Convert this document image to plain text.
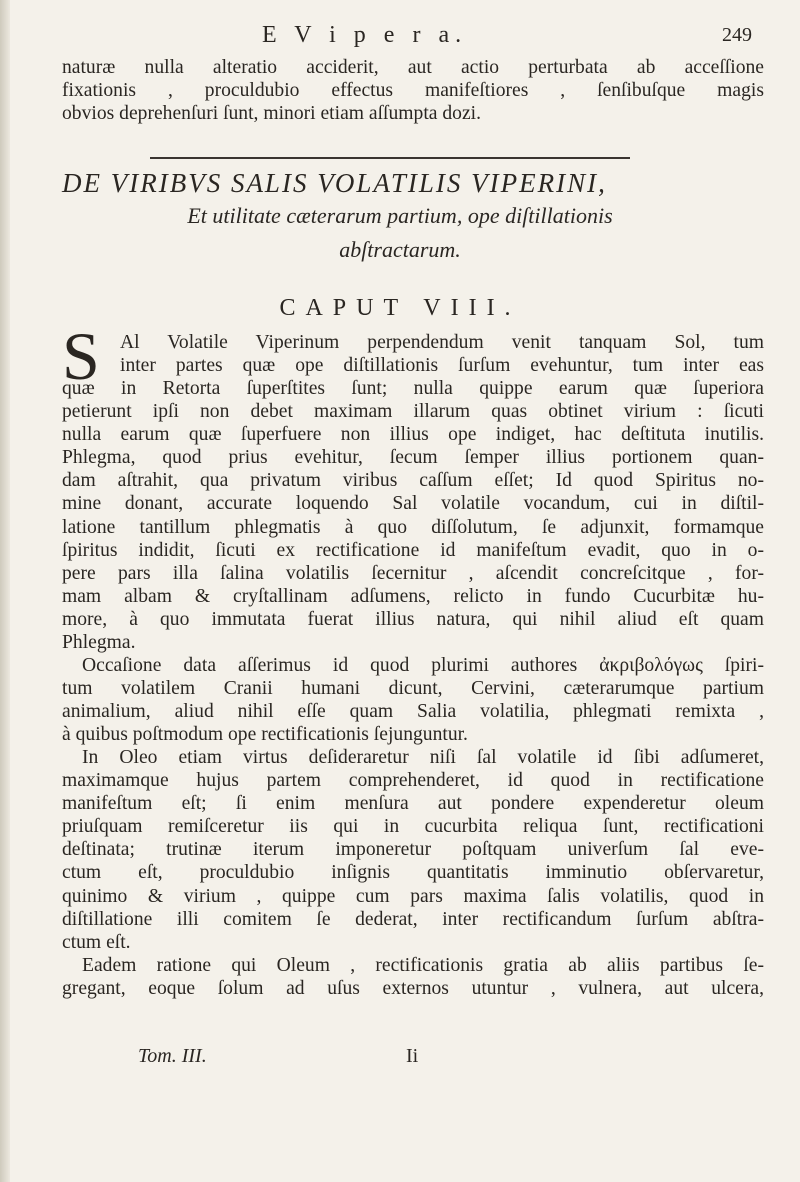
E V i p e r a.	249
naturæ nulla alteratio acciderit, aut actio perturbata ab acceſſione
fixationis , proculdubio effectus manifeſtiores , ſenſibuſque magis
obvios deprehenſuri ſunt, minori etiam aſſumpta dozi.
DE VIRIBVS SALIS VOLATILIS VIPERINI,
Et utilitate cæterarum partium, ope diſtillationis
abſtractarum.
CAPUT VIII.
S Al Volatile Viperinum perpendendum venit tanquam Sol, tum
inter partes quæ ope diſtillationis ſurſum evehuntur, tum inter eas
quæ in Retorta ſuperſtites ſunt; nulla quippe earum quæ ſuperiora
petierunt ipſi non debet maximam illarum quas obtinet virium : ſicuti
nulla earum quæ ſuperfuere non illius ope indiget, hac deſtituta inutilis.
Phlegma, quod prius evehitur, ſecum ſemper illius portionem quan-
dam aſtrahit, qua privatum viribus caſſum eſſet; Id quod Spiritus no-
mine donant, accurate loquendo Sal volatile vocandum, cui in diſtil-
latione tantillum phlegmatis à quo diſſolutum, ſe adjunxit, formamque
ſpiritus indidit, ſicuti ex rectificatione id manifeſtum evadit, quo in o-
pere pars illa ſalina volatilis ſecernitur , aſcendit concreſcitque , for-
mam albam & cryſtallinam adſumens, relicto in fundo Cucurbitæ hu-
more, à quo immutata fuerat illius natura, qui nihil aliud eſt quam
Phlegma.
Occaſione data aſſerimus id quod plurimi authores ἀκριβολόγως ſpiri-
tum volatilem Cranii humani dicunt, Cervini, cæterarumque partium
animalium, aliud nihil eſſe quam Salia volatilia, phlegmati remixta ,
à quibus poſtmodum ope rectificationis ſejunguntur.
In Oleo etiam virtus deſideraretur niſi ſal volatile id ſibi adſumeret,
maximamque hujus partem comprehenderet, id quod in rectificatione
manifeſtum eſt; ſi enim menſura aut pondere expenderetur oleum
priuſquam remiſceretur iis qui in cucurbita reliqua ſunt, rectificationi
deſtinata; trutinæ iterum imponeretur poſtquam univerſum ſal eve-
ctum eſt, proculdubio inſignis quantitatis imminutio obſervaretur,
quinimo & virium , quippe cum pars maxima ſalis volatilis, quod in
diſtillatione illi comitem ſe dederat, inter rectificandum ſurſum abſtra-
ctum eſt.
Eadem ratione qui Oleum , rectificationis gratia ab aliis partibus ſe-
gregant, eoque ſolum ad uſus externos utuntur , vulnera, aut ulcera,
Tom. III.	Ii
